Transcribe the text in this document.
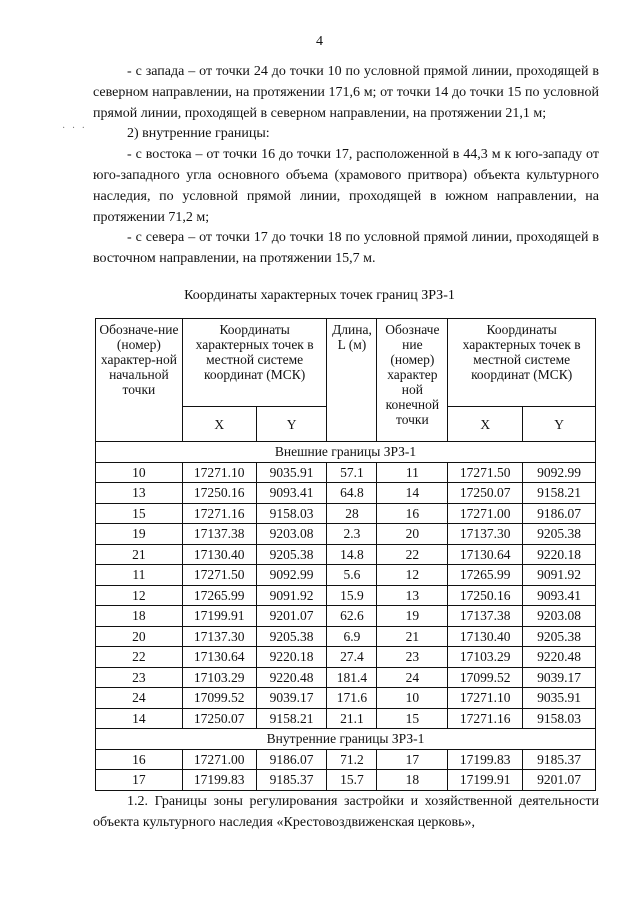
4
· · ·

- с запада – от точки 24 до точки 10 по условной прямой линии, проходящей в северном направлении, на протяжении 171,6 м; от точки 14 до точки 15 по условной прямой линии, проходящей в северном направлении, на протяжении 21,1 м;

2) внутренние границы:

- с востока – от точки 16 до точки 17, расположенной в 44,3 м к юго-западу от юго-западного угла основного объема (храмового притвора) объекта культурного наследия, по условной прямой линии, проходящей в южном направлении, на протяжении 71,2 м;

- с севера – от точки 17 до точки 18 по условной прямой линии, проходящей в восточном направлении, на протяжении 15,7 м.

Координаты характерных точек границ ЗРЗ-1
Обозначе-ние (номер) характер-ной начальной точки	Координаты характерных точек в местной системе координат (МСК)		Длина, L (м)	Обозначе ние (номер) характер ной конечной точки	Координаты характерных точек в местной системе координат (МСК)	
	X	Y			X	Y
Внешние границы ЗРЗ-1						
10	17271.10	9035.91	57.1	11	17271.50	9092.99
13	17250.16	9093.41	64.8	14	17250.07	9158.21
15	17271.16	9158.03	28	16	17271.00	9186.07
19	17137.38	9203.08	2.3	20	17137.30	9205.38
21	17130.40	9205.38	14.8	22	17130.64	9220.18
11	17271.50	9092.99	5.6	12	17265.99	9091.92
12	17265.99	9091.92	15.9	13	17250.16	9093.41
18	17199.91	9201.07	62.6	19	17137.38	9203.08
20	17137.30	9205.38	6.9	21	17130.40	9205.38
22	17130.64	9220.18	27.4	23	17103.29	9220.48
23	17103.29	9220.48	181.4	24	17099.52	9039.17
24	17099.52	9039.17	171.6	10	17271.10	9035.91
14	17250.07	9158.21	21.1	15	17271.16	9158.03
Внутренние границы ЗРЗ-1						
16	17271.00	9186.07	71.2	17	17199.83	9185.37
17	17199.83	9185.37	15.7	18	17199.91	9201.07

1.2. Границы зоны регулирования застройки и хозяйственной деятельности объекта культурного наследия «Крестовоздвиженская церковь»,
